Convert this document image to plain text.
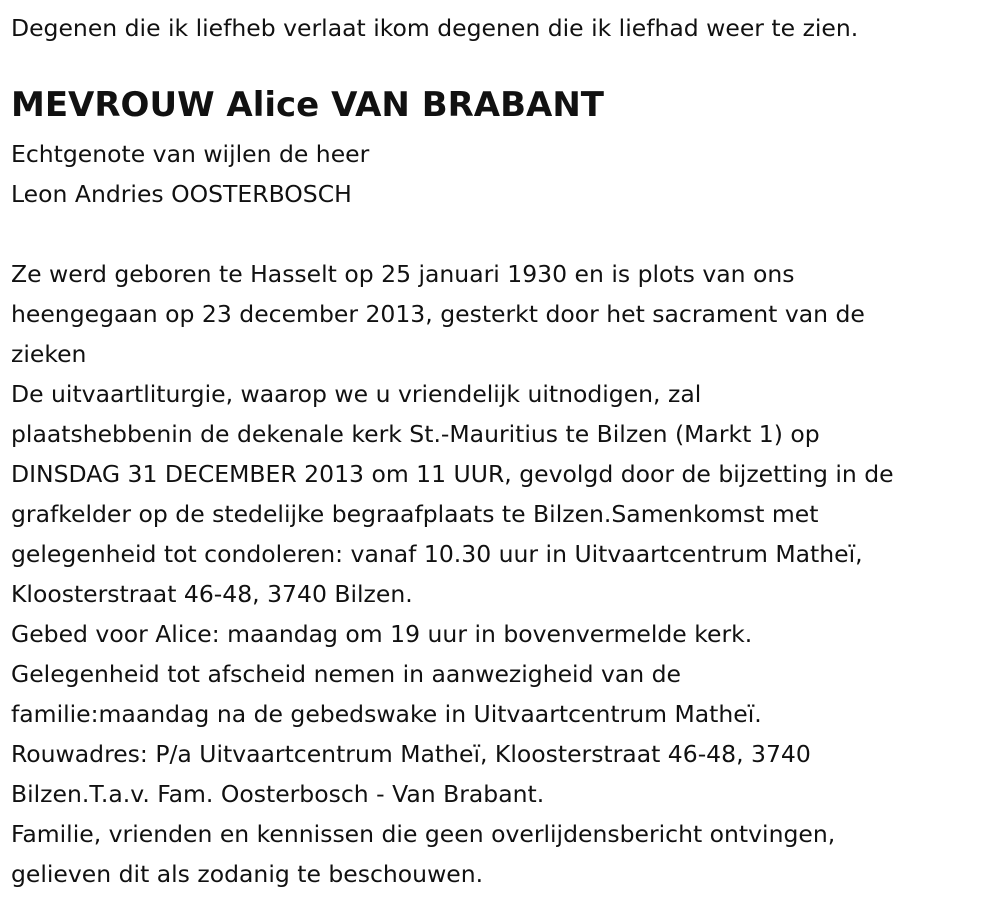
Degenen die ik liefheb verlaat ikom degenen die ik liefhad weer te zien.
MEVROUW Alice VAN BRABANT
Echtgenote van wijlen de heer
Leon Andries OOSTERBOSCH
Ze werd geboren te Hasselt op 25 januari 1930 en is plots van ons
heengegaan op 23 december 2013, gesterkt door het sacrament van de
zieken
De uitvaartliturgie, waarop we u vriendelijk uitnodigen, zal
plaatshebbenin de dekenale kerk St.-Mauritius te Bilzen (Markt 1) op
DINSDAG 31 DECEMBER 2013 om 11 UUR, gevolgd door de bijzetting in de
grafkelder op de stedelijke begraafplaats te Bilzen.Samenkomst met
gelegenheid tot condoleren: vanaf 10.30 uur in Uitvaartcentrum Matheï,
Kloosterstraat 46-48, 3740 Bilzen.
Gebed voor Alice: maandag om 19 uur in bovenvermelde kerk.
Gelegenheid tot afscheid nemen in aanwezigheid van de
familie:maandag na de gebedswake in Uitvaartcentrum Matheï.
Rouwadres: P/a Uitvaartcentrum Matheï, Kloosterstraat 46-48, 3740
Bilzen.T.a.v. Fam. Oosterbosch - Van Brabant.
Familie, vrienden en kennissen die geen overlijdensbericht ontvingen,
gelieven dit als zodanig te beschouwen.
